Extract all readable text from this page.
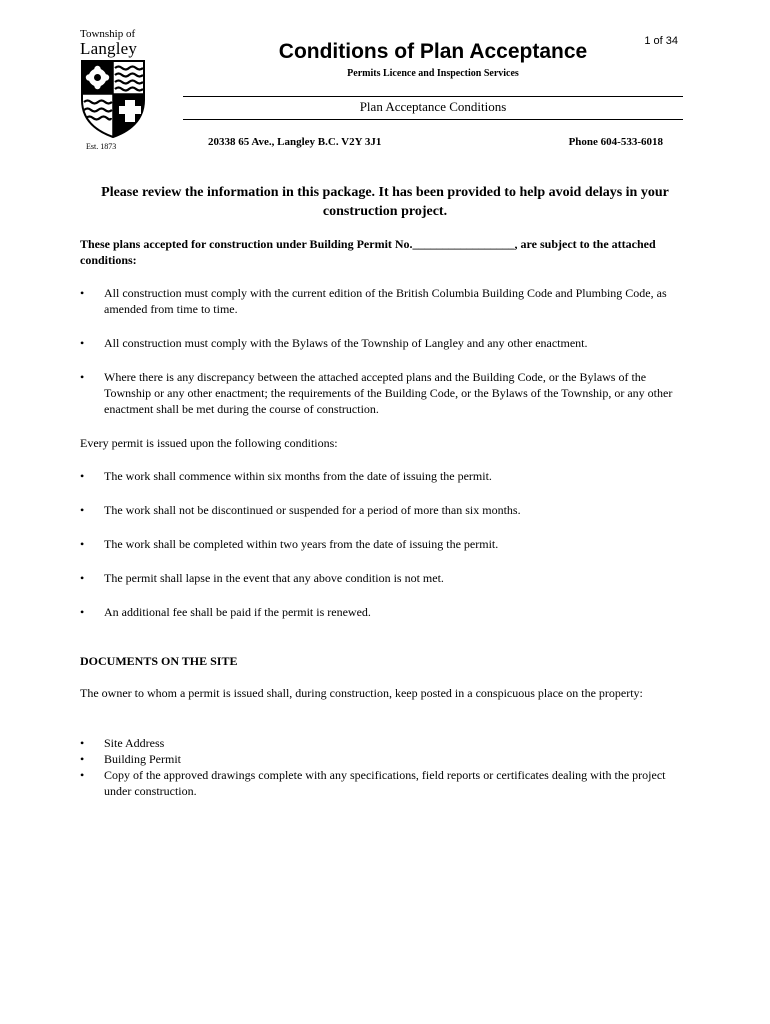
Township of
Langley
Est. 1873
1 of 34
Conditions of Plan Acceptance
Permits Licence and Inspection Services
Plan Acceptance Conditions
20338 65 Ave., Langley B.C. V2Y 3J1	Phone 604-533-6018
Please review the information in this package. It has been provided to help avoid delays in your construction project.
These plans accepted for construction under Building Permit No._________________, are subject to the attached conditions:
• All construction must comply with the current edition of the British Columbia Building Code and Plumbing Code, as amended from time to time.
• All construction must comply with the Bylaws of the Township of Langley and any other enactment.
• Where there is any discrepancy between the attached accepted plans and the Building Code, or the Bylaws of the Township or any other enactment; the requirements of the Building Code, or the Bylaws of the Township, or any other enactment shall be met during the course of construction.
Every permit is issued upon the following conditions:
• The work shall commence within six months from the date of issuing the permit.
• The work shall not be discontinued or suspended for a period of more than six months.
• The work shall be completed within two years from the date of issuing the permit.
• The permit shall lapse in the event that any above condition is not met.
• An additional fee shall be paid if the permit is renewed.
DOCUMENTS ON THE SITE
The owner to whom a permit is issued shall, during construction, keep posted in a conspicuous place on the property:
• Site Address
• Building Permit
• Copy of the approved drawings complete with any specifications, field reports or certificates dealing with the project under construction.
